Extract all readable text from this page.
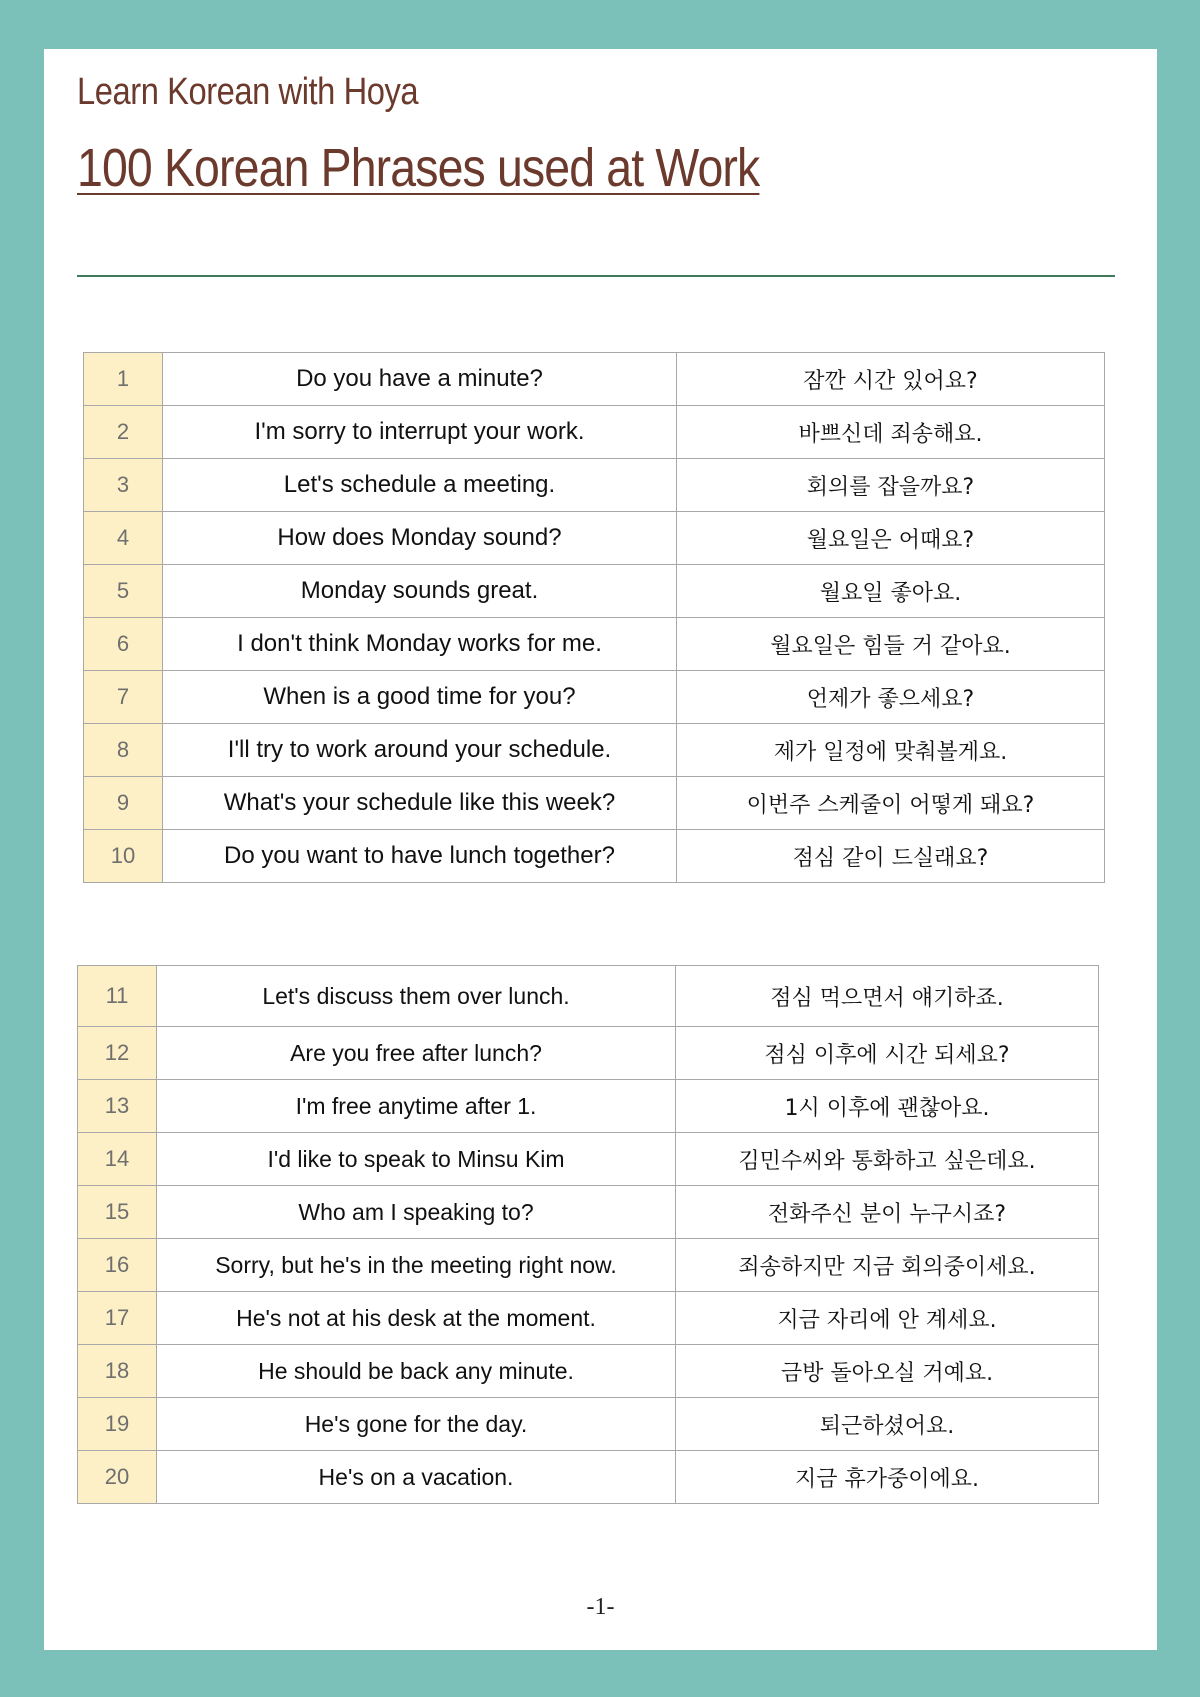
Learn Korean with Hoya
100 Korean Phrases used at Work
1	Do you have a minute?	잠깐 시간 있어요?
2	I'm sorry to interrupt your work.	바쁘신데 죄송해요.
3	Let's schedule a meeting.	회의를 잡을까요?
4	How does Monday sound?	월요일은 어때요?
5	Monday sounds great.	월요일 좋아요.
6	I don't think Monday works for me.	월요일은 힘들 거 같아요.
7	When is a good time for you?	언제가 좋으세요?
8	I'll try to work around your schedule.	제가 일정에 맞춰볼게요.
9	What's your schedule like this week?	이번주 스케줄이 어떻게 돼요?
10	Do you want to have lunch together?	점심 같이 드실래요?
11	Let's discuss them over lunch.	점심 먹으면서 얘기하죠.
12	Are you free after lunch?	점심 이후에 시간 되세요?
13	I'm free anytime after 1.	1시 이후에 괜찮아요.
14	I'd like to speak to Minsu Kim	김민수씨와 통화하고 싶은데요.
15	Who am I speaking to?	전화주신 분이 누구시죠?
16	Sorry, but he's in the meeting right now.	죄송하지만 지금 회의중이세요.
17	He's not at his desk at the moment.	지금 자리에 안 계세요.
18	He should be back any minute.	금방 돌아오실 거예요.
19	He's gone for the day.	퇴근하셨어요.
20	He's on a vacation.	지금 휴가중이에요.
-1-
